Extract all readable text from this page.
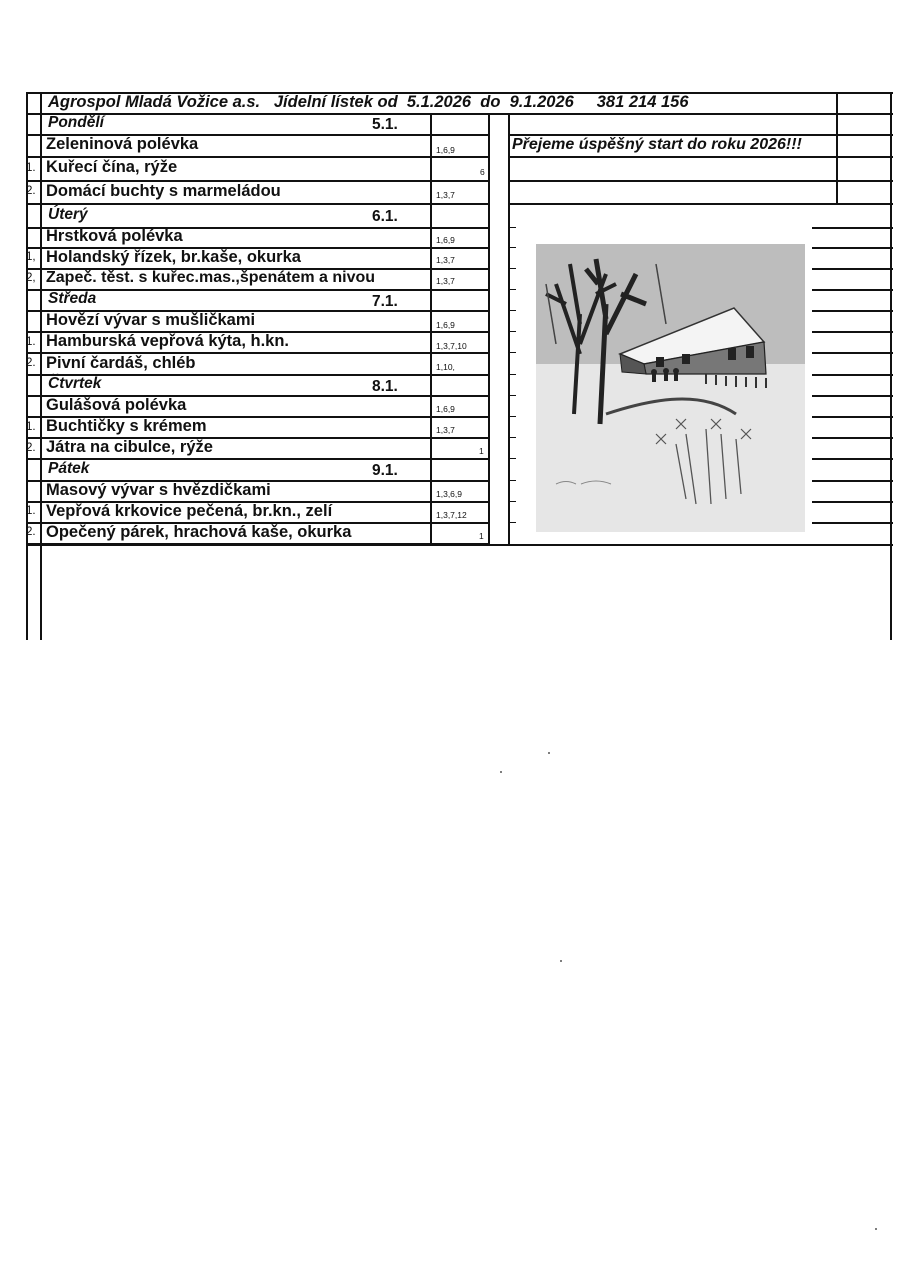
Agrospol Mladá Vožice a.s. Jídelní lístek od 5.1.2026 do 9.1.2026 381 214 156
Přejeme úspěšný start do roku 2026!!!
Pondělí	5.1.
Zeleninová polévka	1,6,9
1. Kuřecí čína, rýže	6
2. Domácí buchty s marmeládou	1,3,7
Úterý	6.1.
Hrstková polévka	1,6,9
1, Holandský řízek, br.kaše, okurka	1,3,7
2, Zapeč. těst. s kuřec.mas.,špenátem a nivou	1,3,7
Středa	7.1.
Hovězí vývar s mušličkami	1,6,9
1. Hamburská vepřová kýta, h.kn.	1,3,7,10
2. Pivní čardáš, chléb	1,10,
Čtvrtek	8.1.
Gulášová polévka	1,6,9
1. Buchtičky s krémem	1,3,7
2. Játra na cibulce, rýže	1
Pátek	9.1.
Masový vývar s hvězdičkami	1,3,6,9
1. Vepřová krkovice pečená, br.kn., zelí	1,3,7,12
2. Opečený párek, hrachová kaše, okurka	1
